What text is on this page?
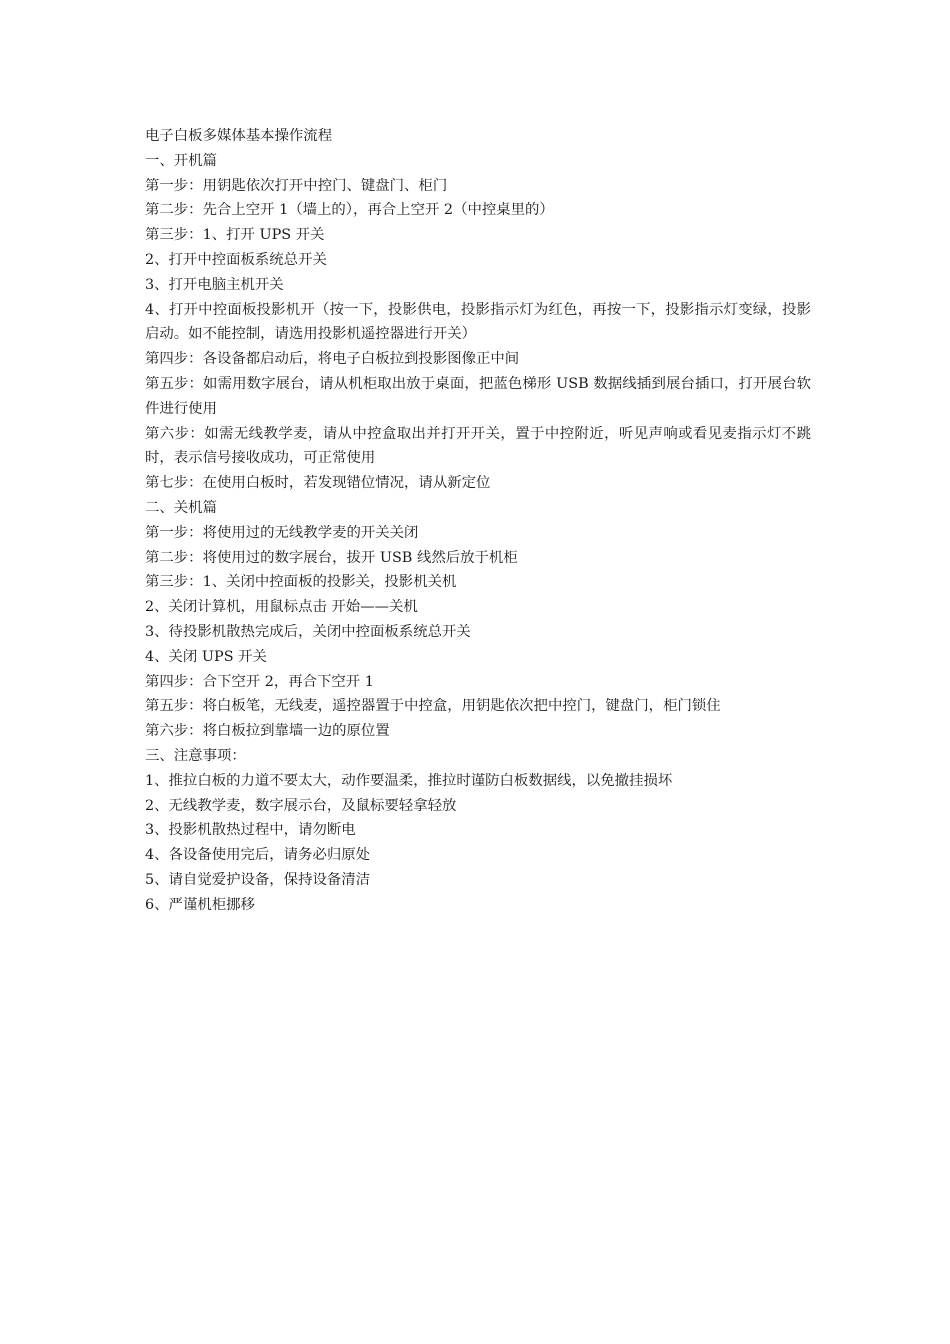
电子白板多媒体基本操作流程

一、开机篇

第一步：用钥匙依次打开中控门、键盘门、柜门

第二步：先合上空开 1（墙上的），再合上空开 2（中控桌里的）

第三步：1、打开 UPS 开关

2、打开中控面板系统总开关

3、打开电脑主机开关

4、打开中控面板投影机开（按一下，投影供电，投影指示灯为红色，再按一下，投影指示灯变绿，投影启动。如不能控制，请选用投影机遥控器进行开关）

第四步：各设备都启动后，将电子白板拉到投影图像正中间

第五步：如需用数字展台，请从机柜取出放于桌面，把蓝色梯形 USB 数据线插到展台插口，打开展台软件进行使用

第六步：如需无线教学麦，请从中控盒取出并打开开关，置于中控附近，听见声响或看见麦指示灯不跳时，表示信号接收成功，可正常使用

第七步：在使用白板时，若发现错位情况，请从新定位

二、关机篇

第一步：将使用过的无线教学麦的开关关闭

第二步：将使用过的数字展台，拔开 USB 线然后放于机柜

第三步：1、关闭中控面板的投影关，投影机关机

2、关闭计算机，用鼠标点击 开始——关机

3、待投影机散热完成后，关闭中控面板系统总开关

4、关闭 UPS 开关

第四步：合下空开 2，再合下空开 1

第五步：将白板笔，无线麦，遥控器置于中控盒，用钥匙依次把中控门，键盘门，柜门锁住

第六步：将白板拉到靠墙一边的原位置

三、注意事项：

1、推拉白板的力道不要太大，动作要温柔，推拉时谨防白板数据线，以免撤挂损坏

2、无线教学麦，数字展示台，及鼠标要轻拿轻放

3、投影机散热过程中，请勿断电

4、各设备使用完后，请务必归原处

5、请自觉爱护设备，保持设备清洁

6、严谨机柜挪移
